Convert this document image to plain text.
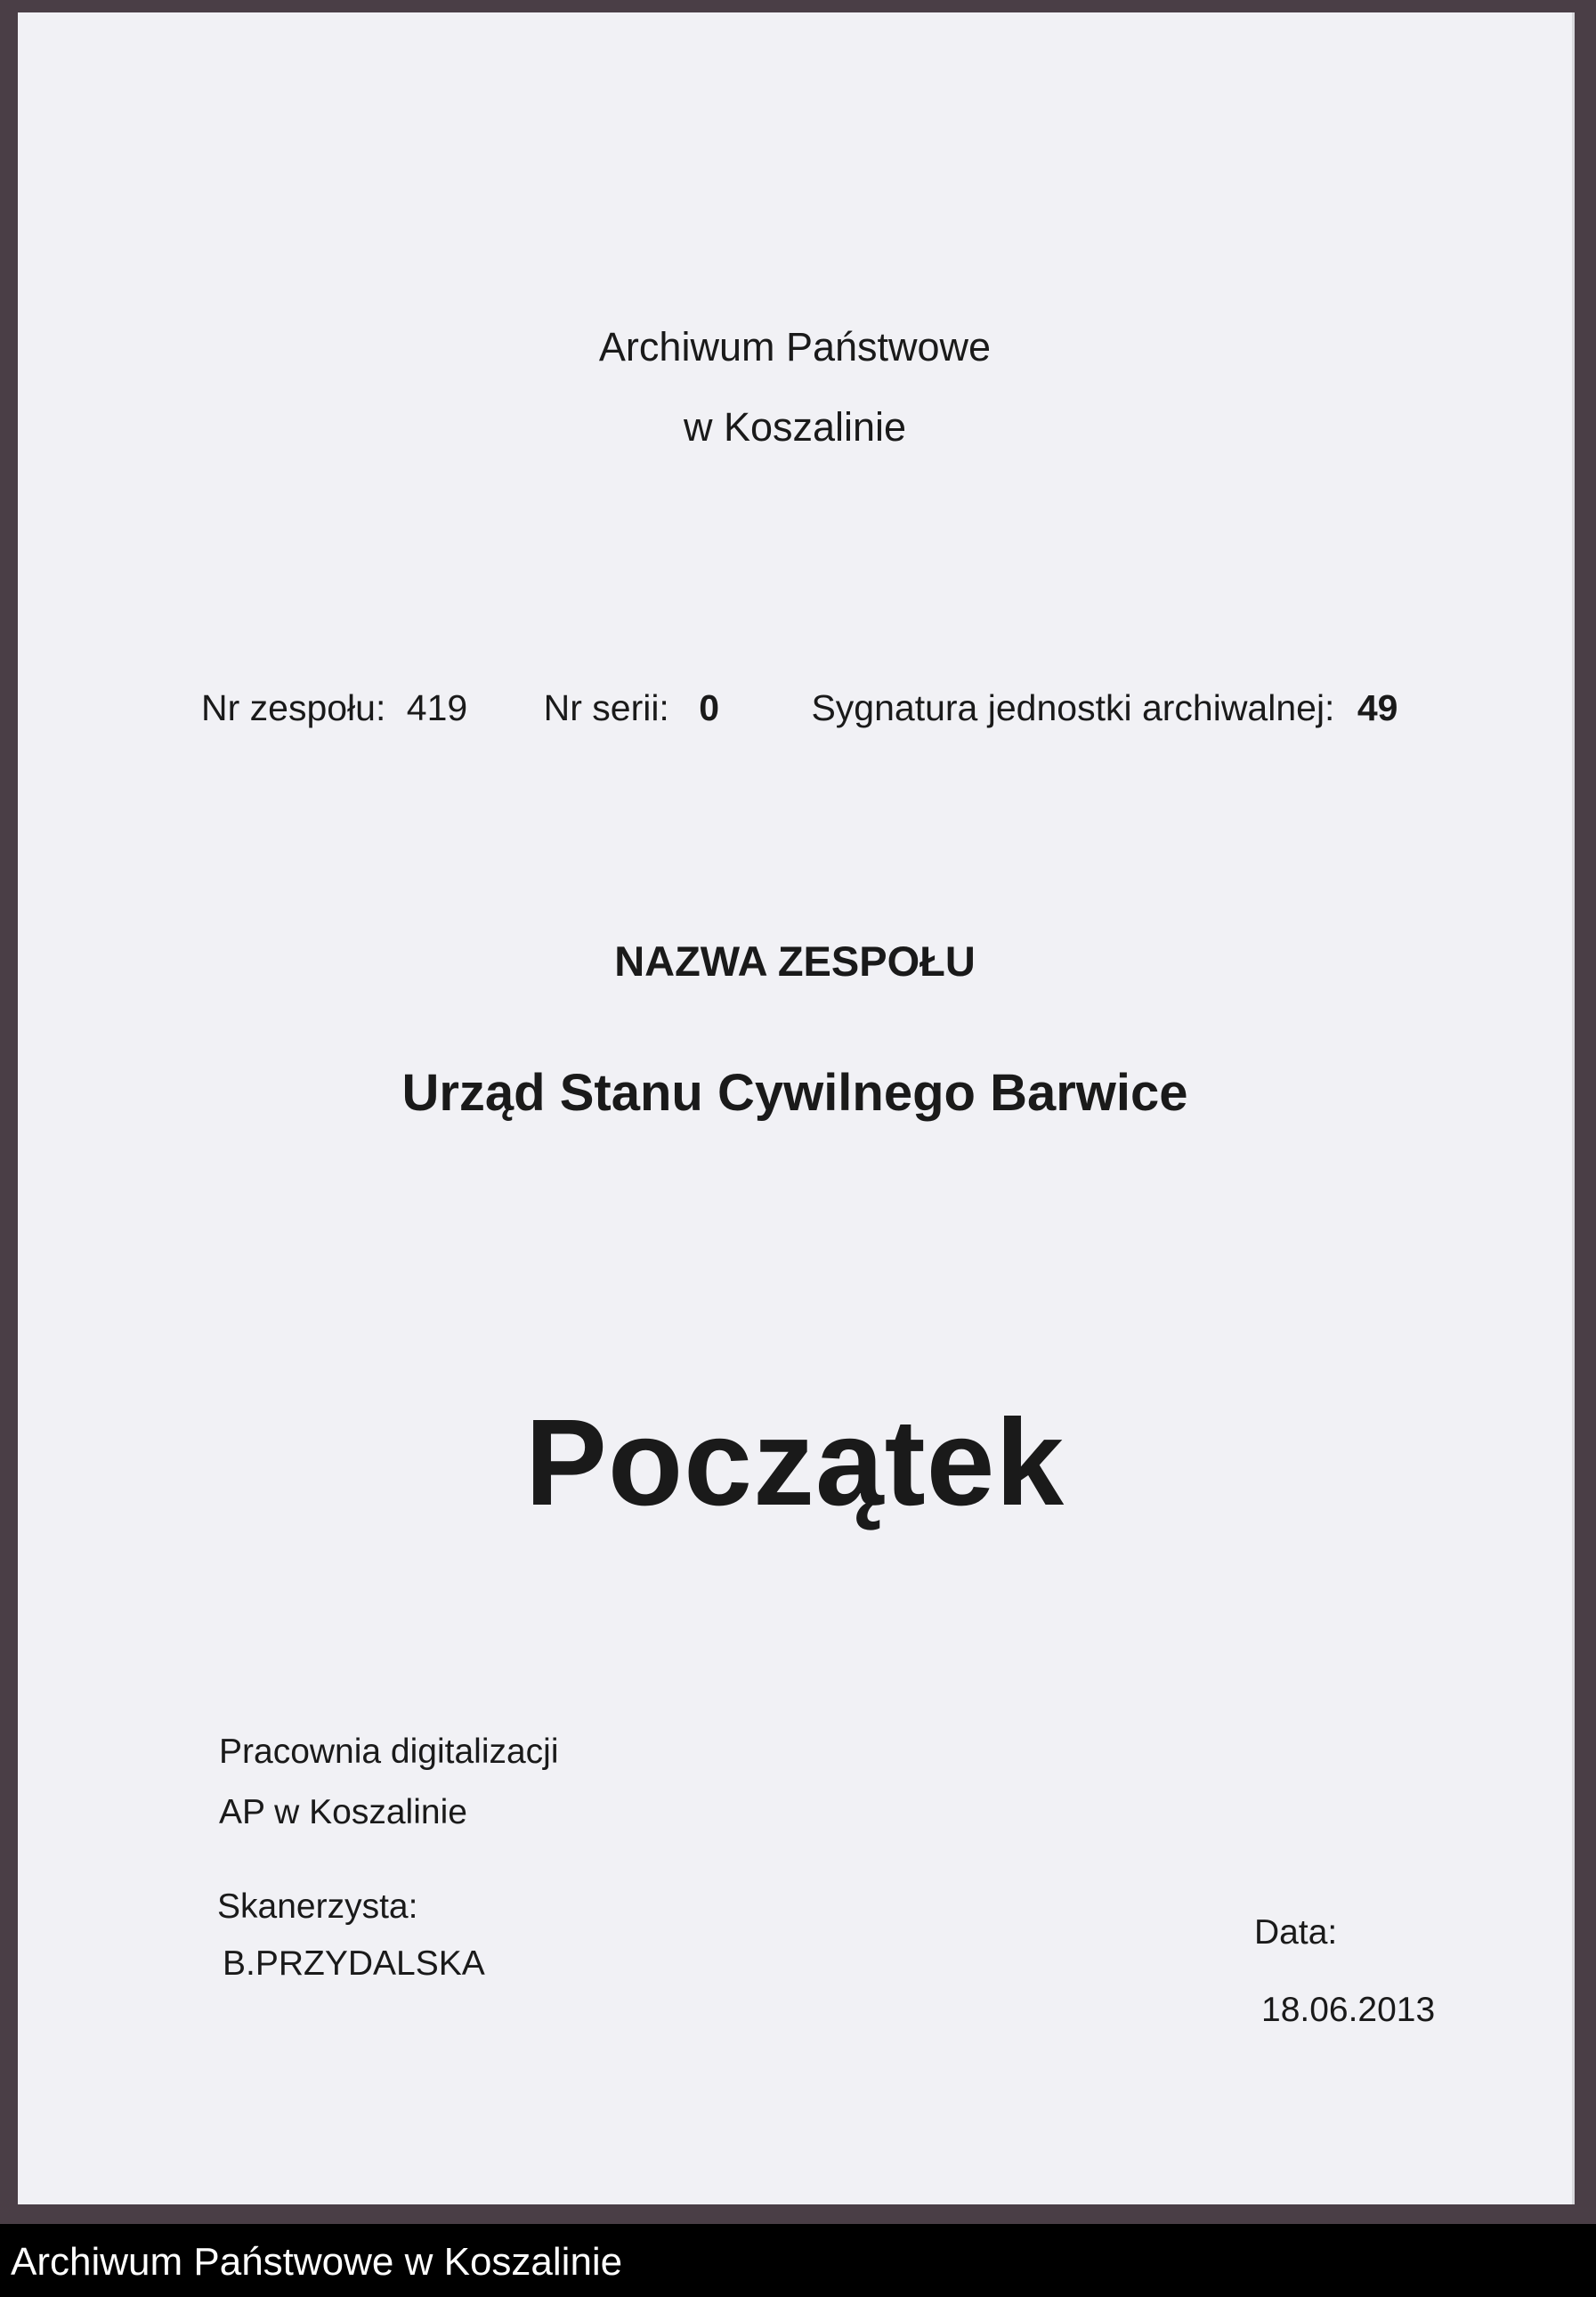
Archiwum Państwowe

w Koszalinie

Nr zespołu: 419 Nr serii: 0	Sygnatura jednostki archiwalnej: 49

NAZWA ZESPOŁU

Urząd Stanu Cywilnego Barwice

Początek

Pracownia digitalizacji

AP w Koszalinie

Skanerzysta:

B.PRZYDALSKA

Data:

18.06.2013

Archiwum Państwowe w Koszalinie
